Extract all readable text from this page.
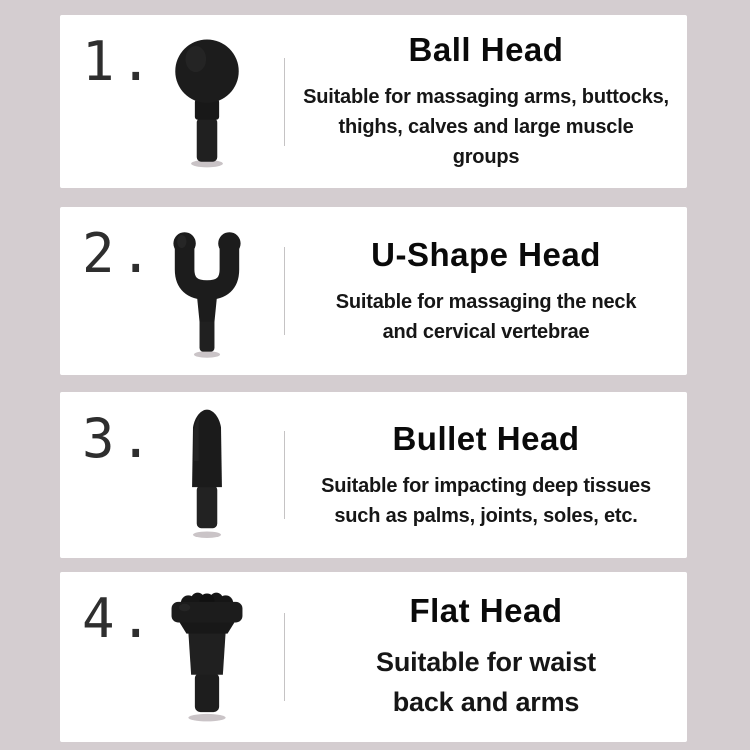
1.	Ball Head
Suitable for massaging arms, buttocks,
thighs, calves and large muscle groups
2.	U-Shape Head
Suitable for massaging the neck
and cervical vertebrae
3.	Bullet Head
Suitable for impacting deep tissues
such as palms, joints, soles, etc.
4.	Flat Head
Suitable for waist
back and arms
